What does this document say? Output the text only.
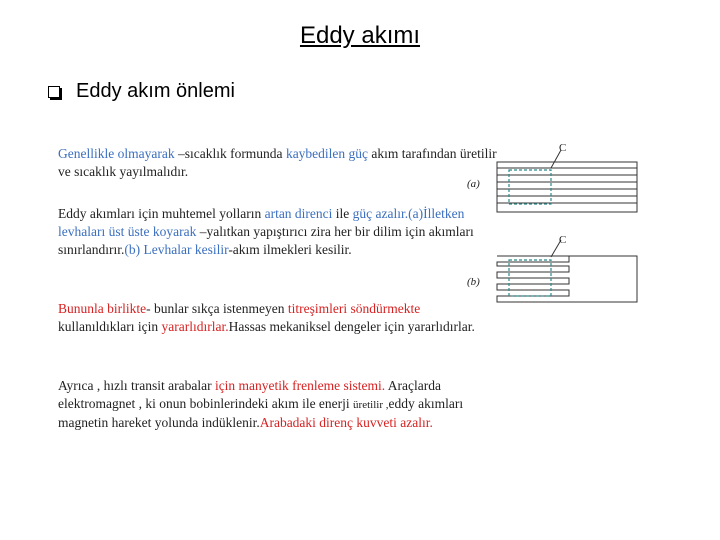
Eddy akımı
Eddy akım önlemi
Genellikle olmayarak –sıcaklık formunda kaybedilen güç akım tarafından üretilir ve sıcaklık yayılmalıdır.
Eddy akımları için muhtemel yolların artan direnci ile güç azalır.(a)İlletken levhaları üst üste koyarak –yalıtkan yapıştırıcı zira her bir dilim için akımları sınırlandırır.(b) Levhalar kesilir-akım ilmekleri kesilir.
Bununla birlikte- bunlar sıkça istenmeyen titreşimleri söndürmekte kullanıldıkları için yararlıdırlar.Hassas mekaniksel dengeler için yararlıdırlar.
Ayrıca , hızlı transit arabalar için manyetik frenleme sistemi. Araçlarda elektromagnet , ki onun bobinlerindeki akım ile enerji üretilir ,eddy akımları magnetin hareket yolunda indüklenir.Arabadaki direnç kuvveti azalır.
(a)
(b)
C
C
